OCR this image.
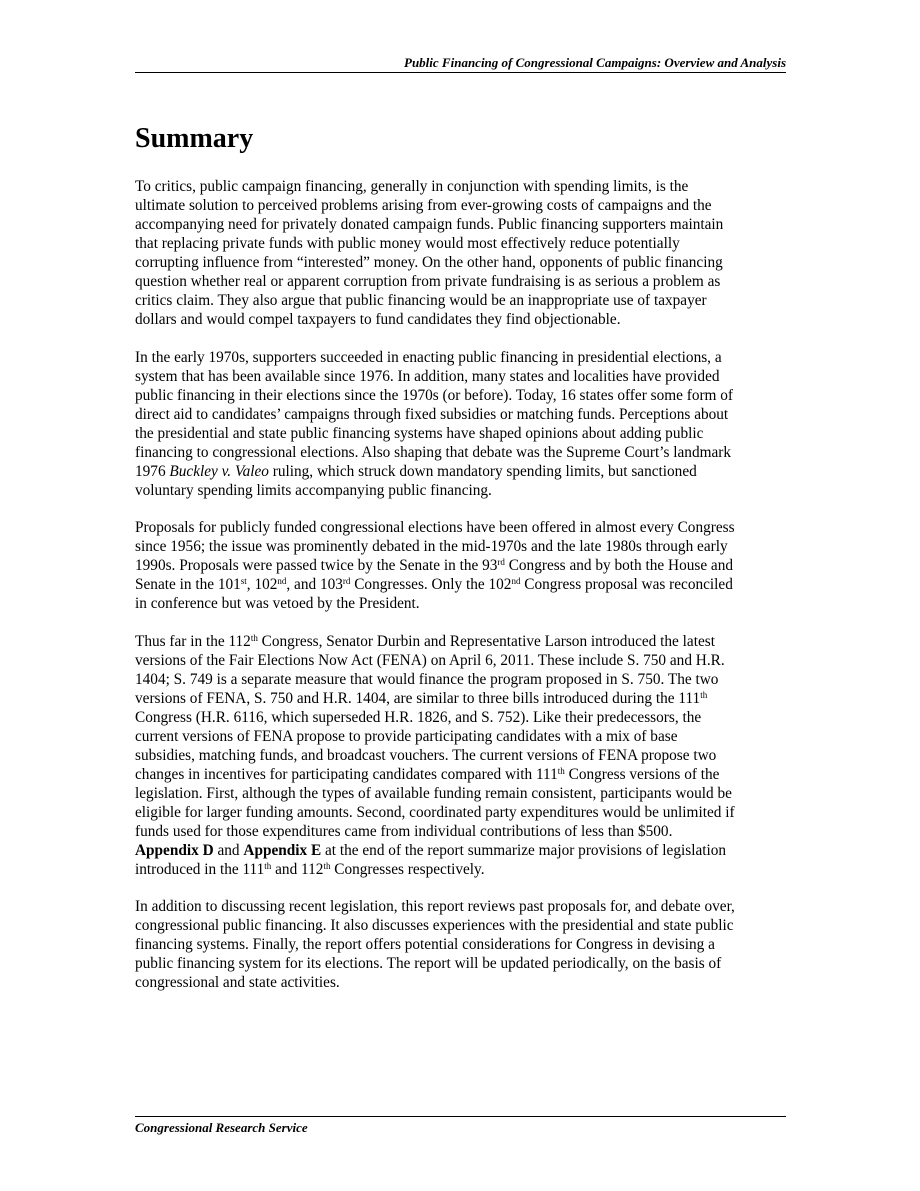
Public Financing of Congressional Campaigns: Overview and Analysis
Summary

To critics, public campaign financing, generally in conjunction with spending limits, is the
ultimate solution to perceived problems arising from ever-growing costs of campaigns and the
accompanying need for privately donated campaign funds. Public financing supporters maintain
that replacing private funds with public money would most effectively reduce potentially
corrupting influence from “interested” money. On the other hand, opponents of public financing
question whether real or apparent corruption from private fundraising is as serious a problem as
critics claim. They also argue that public financing would be an inappropriate use of taxpayer
dollars and would compel taxpayers to fund candidates they find objectionable.

In the early 1970s, supporters succeeded in enacting public financing in presidential elections, a
system that has been available since 1976. In addition, many states and localities have provided
public financing in their elections since the 1970s (or before). Today, 16 states offer some form of
direct aid to candidates’ campaigns through fixed subsidies or matching funds. Perceptions about
the presidential and state public financing systems have shaped opinions about adding public
financing to congressional elections. Also shaping that debate was the Supreme Court’s landmark
1976 Buckley v. Valeo ruling, which struck down mandatory spending limits, but sanctioned
voluntary spending limits accompanying public financing.

Proposals for publicly funded congressional elections have been offered in almost every Congress
since 1956; the issue was prominently debated in the mid-1970s and the late 1980s through early
1990s. Proposals were passed twice by the Senate in the 93rd Congress and by both the House and
Senate in the 101st, 102nd, and 103rd Congresses. Only the 102nd Congress proposal was reconciled
in conference but was vetoed by the President.

Thus far in the 112th Congress, Senator Durbin and Representative Larson introduced the latest
versions of the Fair Elections Now Act (FENA) on April 6, 2011. These include S. 750 and H.R.
1404; S. 749 is a separate measure that would finance the program proposed in S. 750. The two
versions of FENA, S. 750 and H.R. 1404, are similar to three bills introduced during the 111th
Congress (H.R. 6116, which superseded H.R. 1826, and S. 752). Like their predecessors, the
current versions of FENA propose to provide participating candidates with a mix of base
subsidies, matching funds, and broadcast vouchers. The current versions of FENA propose two
changes in incentives for participating candidates compared with 111th Congress versions of the
legislation. First, although the types of available funding remain consistent, participants would be
eligible for larger funding amounts. Second, coordinated party expenditures would be unlimited if
funds used for those expenditures came from individual contributions of less than $500.
Appendix D and Appendix E at the end of the report summarize major provisions of legislation
introduced in the 111th and 112th Congresses respectively.

In addition to discussing recent legislation, this report reviews past proposals for, and debate over,
congressional public financing. It also discusses experiences with the presidential and state public
financing systems. Finally, the report offers potential considerations for Congress in devising a
public financing system for its elections. The report will be updated periodically, on the basis of
congressional and state activities.

Congressional Research Service
